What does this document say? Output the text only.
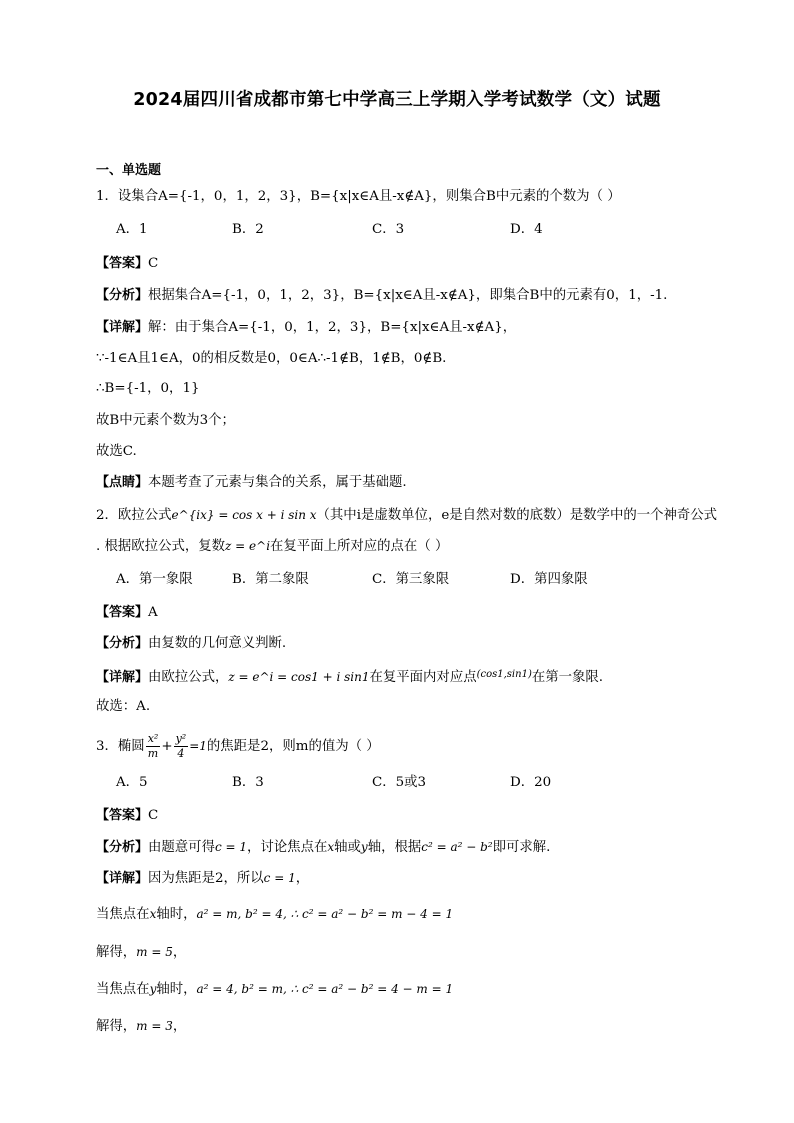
2024届四川省成都市第七中学高三上学期入学考试数学（文）试题
一、单选题
1．设集合A={-1，0，1，2，3}，B={x|x∈A且-x∉A}，则集合B中元素的个数为（ ）
A．1	B．2	C．3	D．4
【答案】C
【分析】根据集合A={-1，0，1，2，3}，B={x|x∈A且-x∉A}，即集合B中的元素有0，1，-1.
【详解】解：由于集合A={-1，0，1，2，3}，B={x|x∈A且-x∉A}，
∵-1∈A且1∈A，0的相反数是0，0∈A∴-1∉B，1∉B，0∉B.
∴B={-1，0，1}
故B中元素个数为3个；
故选C.
【点睛】本题考查了元素与集合的关系，属于基础题.
2．欧拉公式e^{ix} = cos x + i sin x（其中i是虚数单位，e是自然对数的底数）是数学中的一个神奇公式
. 根据欧拉公式，复数z = e^i在复平面上所对应的点在（ ）
A．第一象限	B．第二象限	C．第三象限	D．第四象限
【答案】A
【分析】由复数的几何意义判断.
【详解】由欧拉公式，z = e^i = cos1 + i sin1在复平面内对应点$^{(cos1,sin1)}$在第一象限.
故选：A.
3．椭圆 $\frac{\text{x²}}{m} + \frac{\text{y²}}{4} =1$的焦距是2，则m的值为（ ）
A．5	B．3	C．5或3	D．20
【答案】C
【分析】由题意可得c = 1，讨论焦点在x轴或y轴，根据c² = a² − b²即可求解.
【详解】因为焦距是2，所以c = 1，
当焦点在x轴时，a² = m, b² = 4, ∴ c² = a² − b² = m − 4 = 1
解得，m = 5，
当焦点在y轴时，a² = 4, b² = m, ∴ c² = a² − b² = 4 − m = 1
解得，m = 3，
